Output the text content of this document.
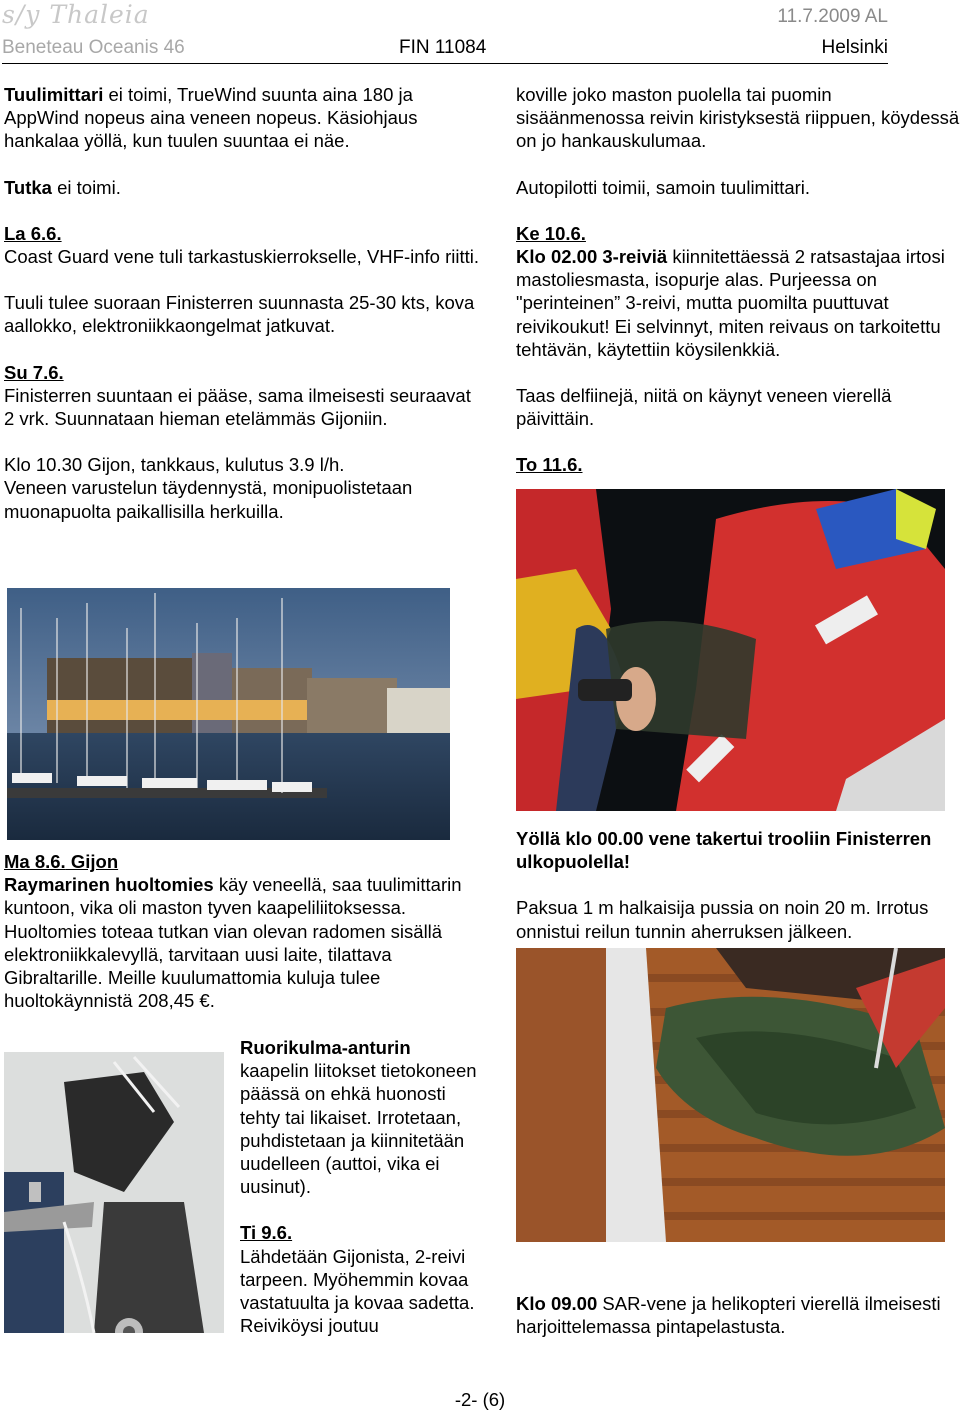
s/y Thaleia	11.7.2009 AL
Beneteau Oceanis 46	FIN 11084	Helsinki

Tuulimittari ei toimi, TrueWind suunta aina 180 ja AppWind nopeus aina veneen nopeus. Käsiohjaus hankalaa yöllä, kun tuulen suuntaa ei näe.

Tutka ei toimi.

La 6.6.

Coast Guard vene tuli tarkastuskierrokselle, VHF-info riitti.

Tuuli tulee suoraan Finisterren suunnasta 25-30 kts, kova aallokko, elektroniikkaongelmat jatkuvat.

Su 7.6.

Finisterren suuntaan ei pääse, sama ilmeisesti seuraavat 2 vrk. Suunnataan hieman etelämmäs Gijoniin.

Klo 10.30 Gijon, tankkaus, kulutus 3.9 l/h.

Veneen varustelun täydennystä, monipuolistetaan muonapuolta paikallisilla herkuilla.

Ma 8.6. Gijon

Raymarinen huoltomies käy veneellä, saa tuulimittarin kuntoon, vika oli maston tyven kaapeliliitoksessa. Huoltomies toteaa tutkan vian olevan radomen sisällä elektroniikkalevyllä, tarvitaan uusi laite, tilattava Gibraltarille. Meille kuulumattomia kuluja tulee huoltokäynnistä 208,45 €.

Ruorikulma-anturin

kaapelin liitokset tietokoneen päässä on ehkä huonosti tehty tai likaiset. Irrotetaan, puhdistetaan ja kiinnitetään uudelleen (auttoi, vika ei uusinut).

Ti 9.6.

Lähdetään Gijonista, 2-reivi tarpeen. Myöhemmin kovaa vastatuulta ja kovaa sadetta. Reiviköysi joutuu

koville joko maston puolella tai puomin sisäänmenossa reivin kiristyksestä riippuen, köydessä on jo hankauskulumaa.

Autopilotti toimii, samoin tuulimittari.

Ke 10.6.

Klo 02.00 3-reiviä kiinnitettäessä 2 ratsastajaa irtosi mastoliesmasta, isopurje alas. Purjeessa on "perinteinen” 3-reivi, mutta puomilta puuttuvat reivikoukut! Ei selvinnyt, miten reivaus on tarkoitettu tehtävän, käytettiin köysilenkkiä.

Taas delfiinejä, niitä on käynyt veneen vierellä päivittäin.

To 11.6.

Yöllä klo 00.00 vene takertui trooliin Finisterren ulkopuolella!

Paksua 1 m halkaisija pussia on noin 20 m. Irrotus onnistui reilun tunnin aherruksen jälkeen.

Klo 09.00 SAR-vene ja helikopteri vierellä ilmeisesti harjoittelemassa pintapelastusta.

-2- (6)
